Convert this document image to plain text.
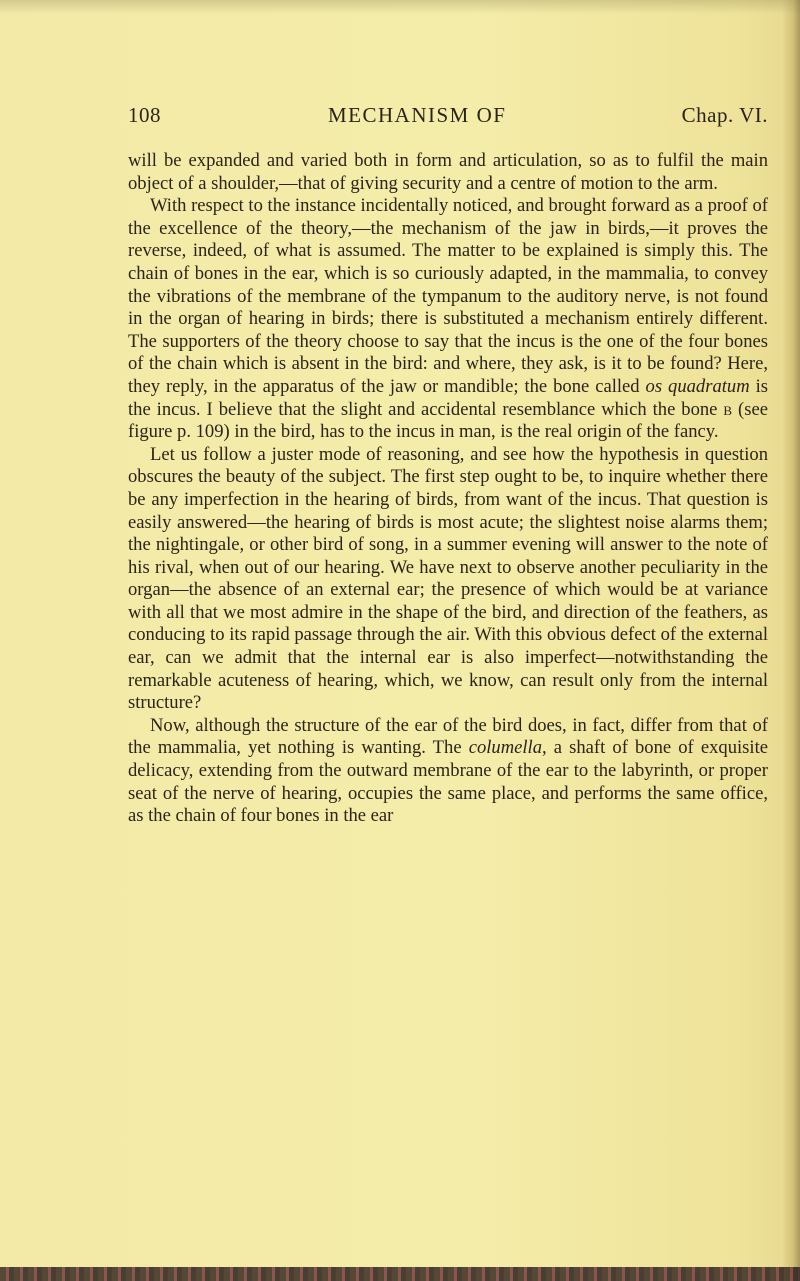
108	MECHANISM OF	Chap. VI.

will be expanded and varied both in form and articulation, so as to fulfil the main object of a shoulder,—that of giving security and a centre of motion to the arm.

With respect to the instance incidentally noticed, and brought forward as a proof of the excellence of the theory,—the mechanism of the jaw in birds,—it proves the reverse, indeed, of what is assumed. The matter to be explained is simply this. The chain of bones in the ear, which is so curiously adapted, in the mammalia, to convey the vibrations of the membrane of the tympanum to the auditory nerve, is not found in the organ of hearing in birds; there is substituted a mechanism entirely different. The supporters of the theory choose to say that the incus is the one of the four bones of the chain which is absent in the bird: and where, they ask, is it to be found? Here, they reply, in the apparatus of the jaw or mandible; the bone called os quadratum is the incus. I believe that the slight and accidental resemblance which the bone b (see figure p. 109) in the bird, has to the incus in man, is the real origin of the fancy.

Let us follow a juster mode of reasoning, and see how the hypothesis in question obscures the beauty of the subject. The first step ought to be, to inquire whether there be any imperfection in the hearing of birds, from want of the incus. That question is easily answered—the hearing of birds is most acute; the slightest noise alarms them; the nightingale, or other bird of song, in a summer evening will answer to the note of his rival, when out of our hearing. We have next to observe another peculiarity in the organ—the absence of an external ear; the presence of which would be at variance with all that we most admire in the shape of the bird, and direction of the feathers, as conducing to its rapid passage through the air. With this obvious defect of the external ear, can we admit that the internal ear is also imperfect—notwithstanding the remarkable acuteness of hearing, which, we know, can result only from the internal structure?

Now, although the structure of the ear of the bird does, in fact, differ from that of the mammalia, yet nothing is wanting. The columella, a shaft of bone of exquisite delicacy, extending from the outward membrane of the ear to the labyrinth, or proper seat of the nerve of hearing, occupies the same place, and performs the same office, as the chain of four bones in the ear
